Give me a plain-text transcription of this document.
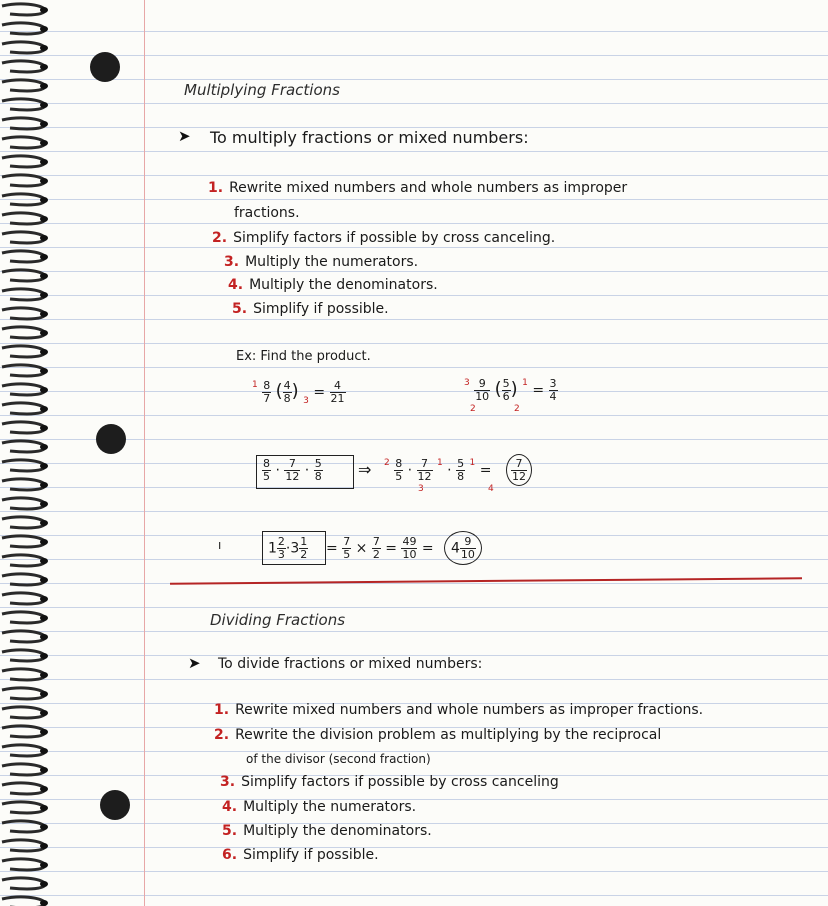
Multiplying Fractions
➤ To multiply fractions or mixed numbers:
1. Rewrite mixed numbers and whole numbers as improper
fractions.
2. Simplify factors if possible by cross canceling.
3. Multiply the numerators.
4. Multiply the denominators.
5. Simplify if possible.
Ex: Find the product.
$^1 \frac{8}{7}$ ( $\frac{4}{8}$ ) $_3 = \frac{4}{21}$	$^3 \frac{9}{10}$ ( $\frac{5}{6}$ ) $^1 = \frac{3}{4}$
2	2
$\frac{8}{5} \cdot \frac{7}{12} \cdot \frac{5}{8}$ ⇒ $^2 \frac{8}{5} \cdot \frac{7}{12} ^1 \cdot \frac{5}{8} ^1$ =
3	4
$\frac{7}{12}$
ı	$1 \frac{2}{3} \cdot 3 \frac{1}{2} = \frac{7}{5} \times \frac{7}{2} = \frac{49}{10} = 4 \frac{9}{10}$
Dividing Fractions
➤ To divide fractions or mixed numbers:
1. Rewrite mixed numbers and whole numbers as improper fractions.
2. Rewrite the division problem as multiplying by the reciprocal
of the divisor (second fraction)
3. Simplify factors if possible by cross canceling
4. Multiply the numerators.
5. Multiply the denominators.
6. Simplify if possible.
